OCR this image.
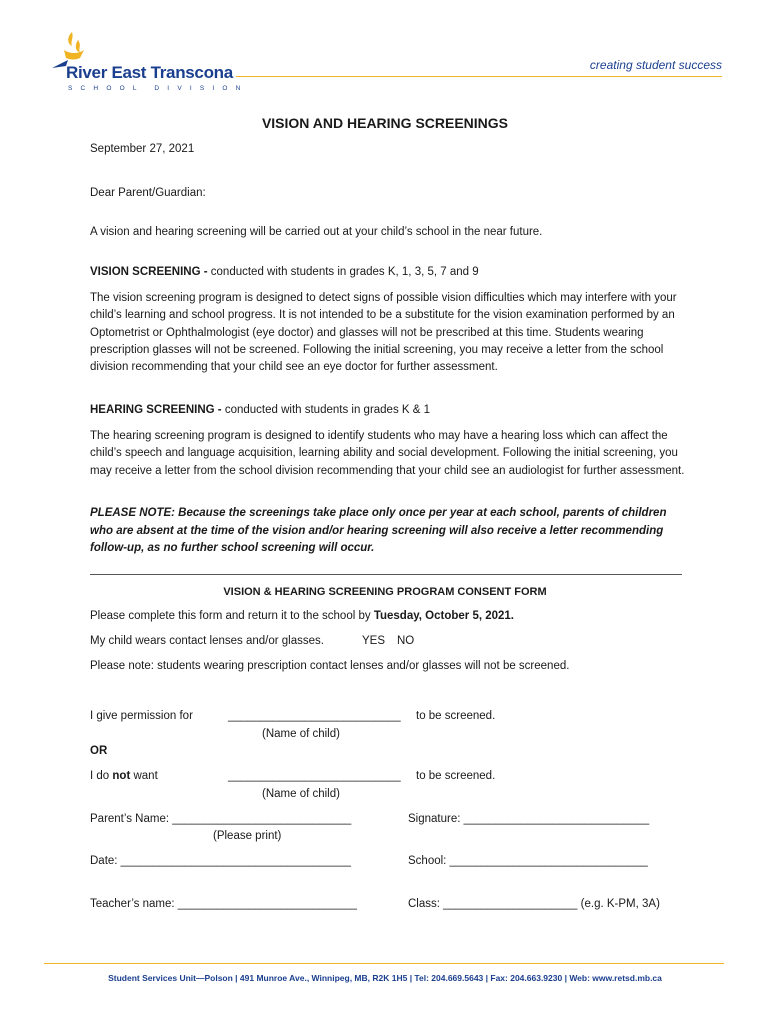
River East Transcona
SCHOOL DIVISION
creating student success
VISION AND HEARING SCREENINGS
September 27, 2021
Dear Parent/Guardian:
A vision and hearing screening will be carried out at your child’s school in the near future.
VISION SCREENING - conducted with students in grades K, 1, 3, 5, 7 and 9
The vision screening program is designed to detect signs of possible vision difficulties which may interfere with your child’s learning and school progress. It is not intended to be a substitute for the vision examination performed by an Optometrist or Ophthalmologist (eye doctor) and glasses will not be prescribed at this time. Students wearing prescription glasses will not be screened. Following the initial screening, you may receive a letter from the school division recommending that your child see an eye doctor for further assessment.
HEARING SCREENING - conducted with students in grades K & 1
The hearing screening program is designed to identify students who may have a hearing loss which can affect the child’s speech and language acquisition, learning ability and social development. Following the initial screening, you may receive a letter from the school division recommending that your child see an audiologist for further assessment.
PLEASE NOTE: Because the screenings take place only once per year at each school, parents of children who are absent at the time of the vision and/or hearing screening will also receive a letter recommending follow-up, as no further school screening will occur.
VISION & HEARING SCREENING PROGRAM CONSENT FORM
Please complete this form and return it to the school by Tuesday, October 5, 2021.
My child wears contact lenses and/or glasses.	YES NO
Please note: students wearing prescription contact lenses and/or glasses will not be screened.
I give permission for	___________________________ to be screened.
(Name of child)
OR
I do not want	___________________________ to be screened.
(Name of child)
Parent’s Name: ____________________________	Signature: _____________________________
(Please print)
Date: ____________________________________	School: _______________________________
Teacher’s name: ____________________________	Class: _____________________ (e.g. K-PM, 3A)
Student Services Unit—Polson | 491 Munroe Ave., Winnipeg, MB, R2K 1H5 | Tel: 204.669.5643 | Fax: 204.663.9230 | Web: www.retsd.mb.ca
